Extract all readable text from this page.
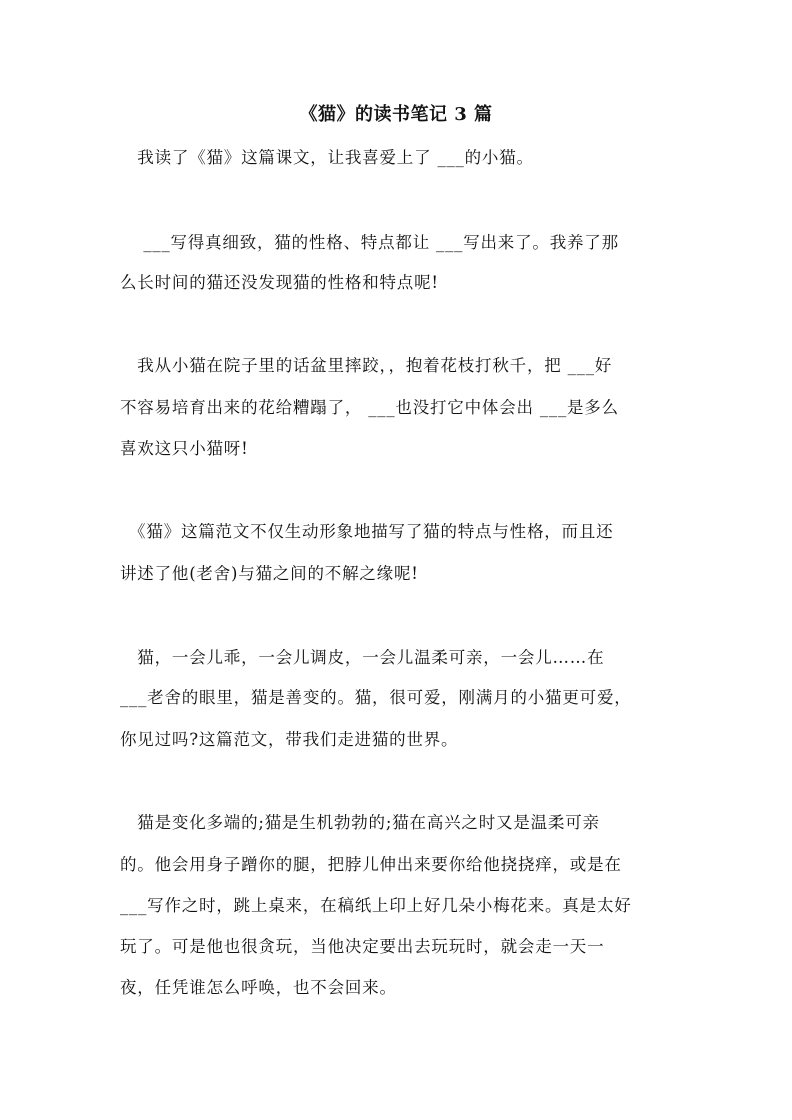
《猫》的读书笔记 3 篇
　我读了《猫》这篇课文，让我喜爱上了 ___的小猫。
　 ___写得真细致，猫的性格、特点都让 ___写出来了。我养了那
么长时间的猫还没发现猫的性格和特点呢!
　我从小猫在院子里的话盆里摔跤，，抱着花枝打秋千，把 ___好
不容易培育出来的花给糟蹋了， ___也没打它中体会出 ___是多么
喜欢这只小猫呀!
　《猫》这篇范文不仅生动形象地描写了猫的特点与性格，而且还
讲述了他(老舍)与猫之间的不解之缘呢!
　猫，一会儿乖，一会儿调皮，一会儿温柔可亲，一会儿……在
___老舍的眼里，猫是善变的。猫，很可爱，刚满月的小猫更可爱，
你见过吗?这篇范文，带我们走进猫的世界。
　猫是变化多端的;猫是生机勃勃的;猫在高兴之时又是温柔可亲
的。他会用身子蹭你的腿，把脖儿伸出来要你给他挠挠痒，或是在
___写作之时，跳上桌来，在稿纸上印上好几朵小梅花来。真是太好
玩了。可是他也很贪玩，当他决定要出去玩玩时，就会走一天一
夜，任凭谁怎么呼唤，也不会回来。
